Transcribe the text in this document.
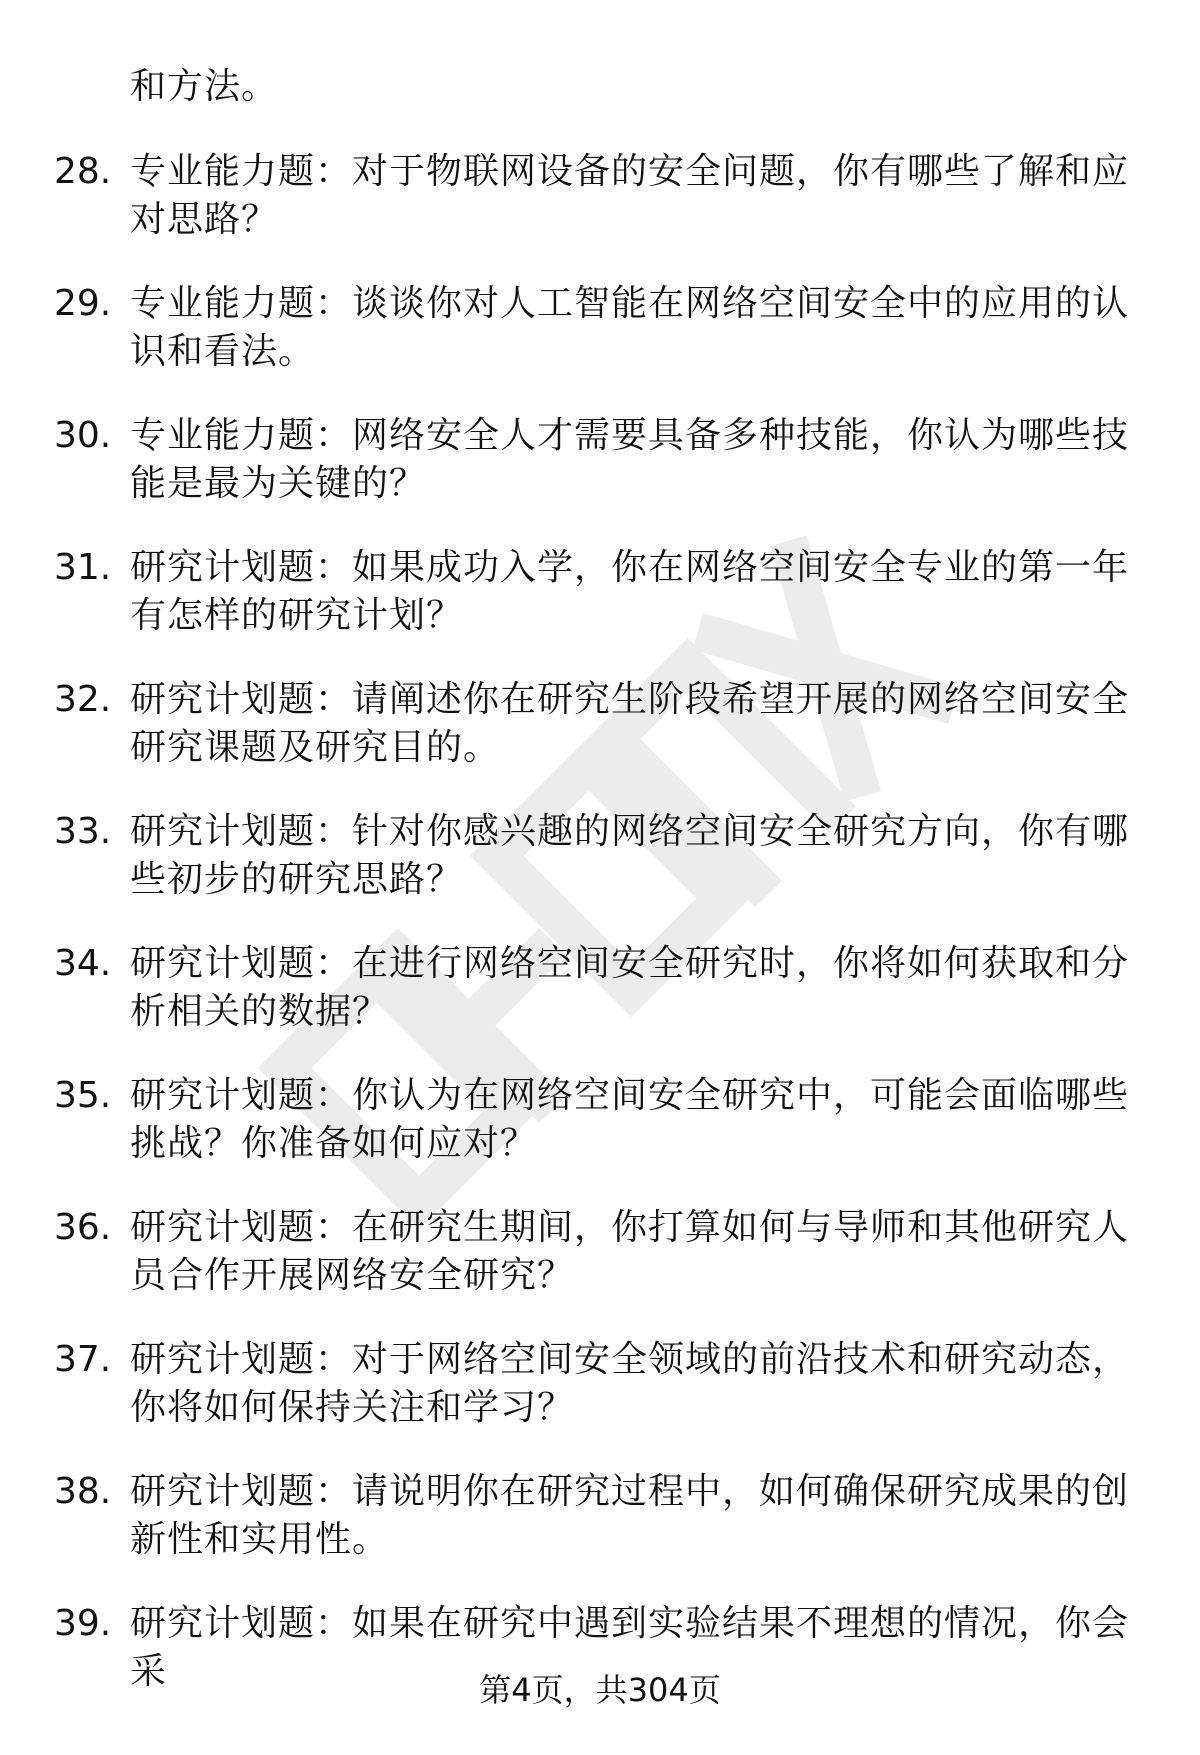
和方法。

28. 专业能力题：对于物联网设备的安全问题，你有哪些了解和应对思路？

29. 专业能力题：谈谈你对人工智能在网络空间安全中的应用的认识和看法。

30. 专业能力题：网络安全人才需要具备多种技能，你认为哪些技能是最为关键的？

31. 研究计划题：如果成功入学，你在网络空间安全专业的第一年有怎样的研究计划？

32. 研究计划题：请阐述你在研究生阶段希望开展的网络空间安全研究课题及研究目的。

33. 研究计划题：针对你感兴趣的网络空间安全研究方向，你有哪些初步的研究思路？

34. 研究计划题：在进行网络空间安全研究时，你将如何获取和分析相关的数据？

35. 研究计划题：你认为在网络空间安全研究中，可能会面临哪些挑战？你准备如何应对？

36. 研究计划题：在研究生期间，你打算如何与导师和其他研究人员合作开展网络安全研究？

37. 研究计划题：对于网络空间安全领域的前沿技术和研究动态，你将如何保持关注和学习？

38. 研究计划题：请说明你在研究过程中，如何确保研究成果的创新性和实用性。

39. 研究计划题：如果在研究中遇到实验结果不理想的情况，你会采	第4页，共304页
